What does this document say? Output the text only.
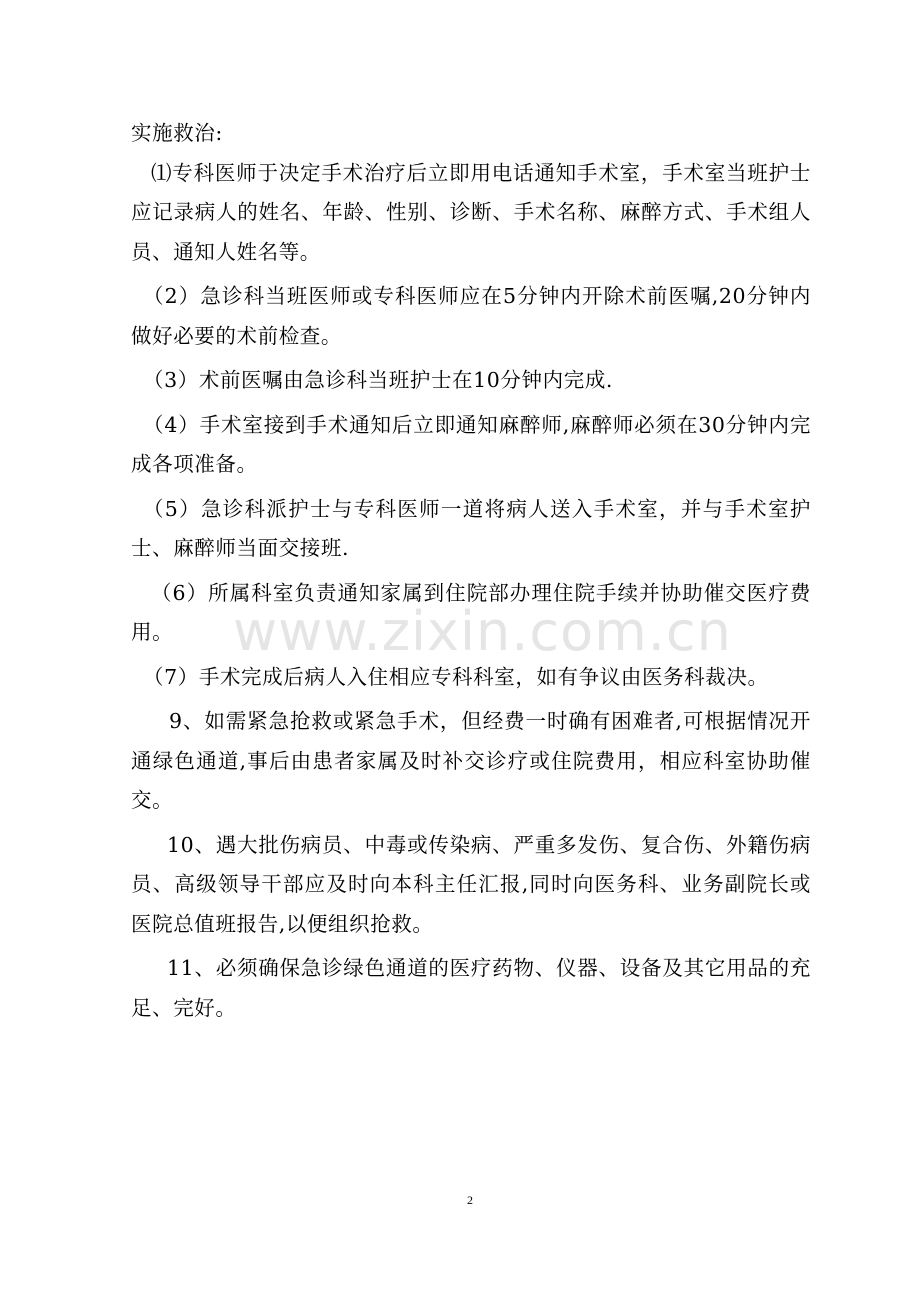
实施救治:

⑴专科医师于决定手术治疗后立即用电话通知手术室，手术室当班护士应记录病人的姓名、年龄、性别、诊断、手术名称、麻醉方式、手术组人员、通知人姓名等。

（2）急诊科当班医师或专科医师应在5分钟内开除术前医嘱,20分钟内做好必要的术前检查。

（3）术前医嘱由急诊科当班护士在10分钟内完成.

（4）手术室接到手术通知后立即通知麻醉师,麻醉师必须在30分钟内完成各项准备。

（5）急诊科派护士与专科医师一道将病人送入手术室，并与手术室护士、麻醉师当面交接班.

（6）所属科室负责通知家属到住院部办理住院手续并协助催交医疗费用。

（7）手术完成后病人入住相应专科科室，如有争议由医务科裁决。

9、如需紧急抢救或紧急手术，但经费一时确有困难者,可根据情况开通绿色通道,事后由患者家属及时补交诊疗或住院费用，相应科室协助催交。

10、遇大批伤病员、中毒或传染病、严重多发伤、复合伤、外籍伤病员、高级领导干部应及时向本科主任汇报,同时向医务科、业务副院长或医院总值班报告,以便组织抢救。

11、必须确保急诊绿色通道的医疗药物、仪器、设备及其它用品的充足、完好。

www.zixin.com.cn
2
